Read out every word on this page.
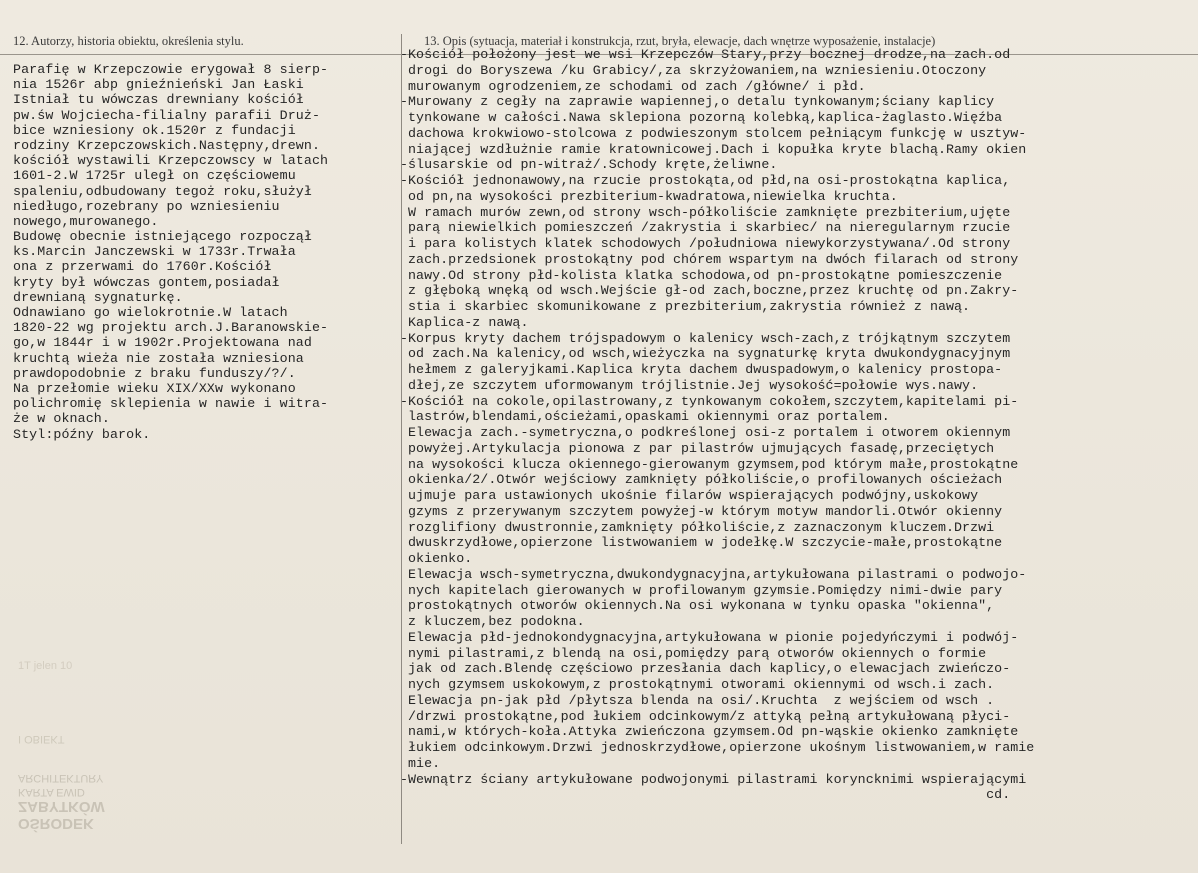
12. Autorzy, historia obiektu, określenia stylu.	13. Opis (sytuacja, materiał i konstrukcja, rzut, bryła, elewacje, dach wnętrze wyposażenie, instalacje)
Parafię w Krzepczowie erygował 8 sierp-
nia 1526r abp gnieźnieński Jan Łaski
Istniał tu wówczas drewniany kościół
pw.św Wojciecha-filialny parafii Druż-
bice wzniesiony ok.1520r z fundacji
rodziny Krzepczowskich.Następny,drewn.
kościół wystawili Krzepczowscy w latach
1601-2.W 1725r uległ on częściowemu
spaleniu,odbudowany tegoż roku,służył
niedługo,rozebrany po wzniesieniu
nowego,murowanego.
Budowę obecnie istniejącego rozpoczął
ks.Marcin Janczewski w 1733r.Trwała
ona z przerwami do 1760r.Kościół
kryty był wówczas gontem,posiadał
drewnianą sygnaturkę.
Odnawiano go wielokrotnie.W latach
1820-22 wg projektu arch.J.Baranowskie-
go,w 1844r i w 1902r.Projektowana nad
kruchtą wieża nie została wzniesiona
prawdopodobnie z braku funduszy/?/.
Na przełomie wieku XIX/XXw wykonano
polichromię sklepienia w nawie i witra-
że w oknach.
Styl:późny barok.
-Kościół położony jest we wsi Krzepczów Stary,przy bocznej drodze,na zach.od
drogi do Boryszewa /ku Grabicy/,za skrzyżowaniem,na wzniesieniu.Otoczony
murowanym ogrodzeniem,ze schodami od zach /główne/ i płd.
-Murowany z cegły na zaprawie wapiennej,o detalu tynkowanym;ściany kaplicy
tynkowane w całości.Nawa sklepiona pozorną kolebką,kaplica-żaglasto.Więźba
dachowa krokwiowo-stolcowa z podwieszonym stolcem pełniącym funkcję w usztyw-
niającej wzdłużnie ramie kratownicowej.Dach i kopułka kryte blachą.Ramy okien
-ślusarskie od pn-witraż/.Schody kręte,żeliwne.
-Kościół jednonawowy,na rzucie prostokąta,od płd,na osi-prostokątna kaplica,
od pn,na wysokości prezbiterium-kwadratowa,niewielka kruchta.
W ramach murów zewn,od strony wsch-półkoliście zamknięte prezbiterium,ujęte
parą niewielkich pomieszczeń /zakrystia i skarbiec/ na nieregularnym rzucie
i para kolistych klatek schodowych /południowa niewykorzystywana/.Od strony
zach.przedsionek prostokątny pod chórem wspartym na dwóch filarach od strony
nawy.Od strony płd-kolista klatka schodowa,od pn-prostokątne pomieszczenie
z głęboką wnęką od wsch.Wejście gł-od zach,boczne,przez kruchtę od pn.Zakry-
stia i skarbiec skomunikowane z prezbiterium,zakrystia również z nawą.
Kaplica-z nawą.
-Korpus kryty dachem trójspadowym o kalenicy wsch-zach,z trójkątnym szczytem
od zach.Na kalenicy,od wsch,wieżyczka na sygnaturkę kryta dwukondygnacyjnym
hełmem z galeryjkami.Kaplica kryta dachem dwuspadowym,o kalenicy prostopa-
dłej,ze szczytem uformowanym trójlistnie.Jej wysokość=połowie wys.nawy.
-Kościół na cokole,opilastrowany,z tynkowanym cokołem,szczytem,kapitelami pi-
lastrów,blendami,ościeżami,opaskami okiennymi oraz portalem.
Elewacja zach.-symetryczna,o podkreślonej osi-z portalem i otworem okiennym
powyżej.Artykulacja pionowa z par pilastrów ujmujących fasadę,przeciętych
na wysokości klucza okiennego-gierowanym gzymsem,pod którym małe,prostokątne
okienka/2/.Otwór wejściowy zamknięty półkoliście,o profilowanych ościeżach
ujmuje para ustawionych ukośnie filarów wspierających podwójny,uskokowy
gzyms z przerywanym szczytem powyżej-w którym motyw mandorli.Otwór okienny
rozglifiony dwustronnie,zamknięty półkoliście,z zaznaczonym kluczem.Drzwi
dwuskrzydłowe,opierzone listwowaniem w jodełkę.W szczycie-małe,prostokątne
okienko.
Elewacja wsch-symetryczna,dwukondygnacyjna,artykułowana pilastrami o podwojo-
nych kapitelach gierowanych w profilowanym gzymsie.Pomiędzy nimi-dwie pary
prostokątnych otworów okiennych.Na osi wykonana w tynku opaska "okienna",
z kluczem,bez podokna.
Elewacja płd-jednokondygnacyjna,artykułowana w pionie pojedyńczymi i podwój-
nymi pilastrami,z blendą na osi,pomiędzy parą otworów okiennych o formie
jak od zach.Blendę częściowo przesłania dach kaplicy,o elewacjach zwieńczo-
nych gzymsem uskokowym,z prostokątnymi otworami okiennymi od wsch.i zach.
Elewacja pn-jak płd /płytsza blenda na osi/.Kruchta  z wejściem od wsch .
/drzwi prostokątne,pod łukiem odcinkowym/z attyką pełną artykułowaną płyci-
nami,w których-koła.Attyka zwieńczona gzymsem.Od pn-wąskie okienko zamknięte
łukiem odcinkowym.Drzwi jednoskrzydłowe,opierzone ukośnym listwowaniem,w ramie
mie.
-Wewnątrz ściany artykułowane podwojonymi pilastrami koryncknimi wspierającymi
cd.
1T jelen 10
I OBIEKT
ARCHITEKTURY
KARTA EWID
ZABYTKÓW
OŚRODEK
